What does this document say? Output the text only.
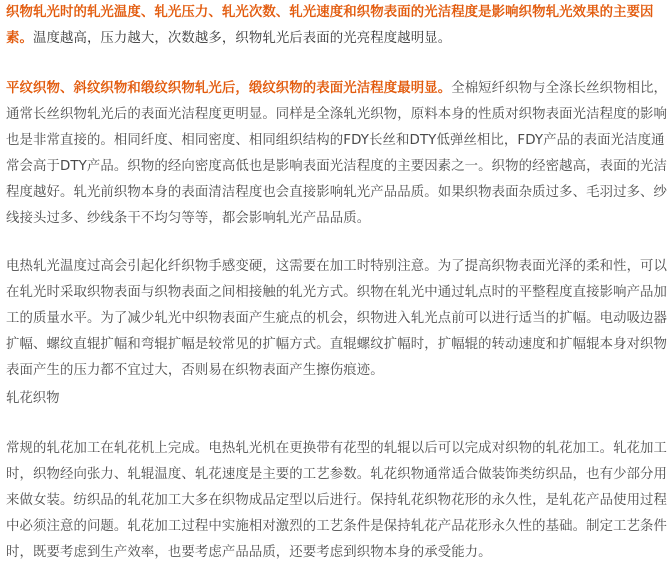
织物轧光时的轧光温度、轧光压力、轧光次数、轧光速度和织物表面的光洁程度是影响织物轧光效果的主要因素。温度越高，压力越大，次数越多，织物轧光后表面的光亮程度越明显。

平纹织物、斜纹织物和缎纹织物轧光后，缎纹织物的表面光洁程度最明显。全棉短纤织物与全涤长丝织物相比，通常长丝织物轧光后的表面光洁程度更明显。同样是全涤轧光织物，原料本身的性质对织物表面光洁程度的影响也是非常直接的。相同纤度、相同密度、相同组织结构的FDY长丝和DTY低弹丝相比，FDY产品的表面光洁度通常会高于DTY产品。织物的经向密度高低也是影响表面光洁程度的主要因素之一。织物的经密越高，表面的光洁程度越好。轧光前织物本身的表面清洁程度也会直接影响轧光产品品质。如果织物表面杂质过多、毛羽过多、纱线接头过多、纱线条干不均匀等等，都会影响轧光产品品质。

电热轧光温度过高会引起化纤织物手感变硬，这需要在加工时特别注意。为了提高织物表面光泽的柔和性，可以在轧光时采取织物表面与织物表面之间相接触的轧光方式。织物在轧光中通过轧点时的平整程度直接影响产品加工的质量水平。为了减少轧光中织物表面产生疵点的机会，织物进入轧光点前可以进行适当的扩幅。电动吸边器扩幅、螺纹直辊扩幅和弯辊扩幅是较常见的扩幅方式。直辊螺纹扩幅时，扩幅辊的转动速度和扩幅辊本身对织物表面产生的压力都不宜过大，否则易在织物表面产生擦伤痕迹。

轧花织物

常规的轧花加工在轧花机上完成。电热轧光机在更换带有花型的轧辊以后可以完成对织物的轧花加工。轧花加工时，织物经向张力、轧辊温度、轧花速度是主要的工艺参数。轧花织物通常适合做装饰类纺织品，也有少部分用来做女装。纺织品的轧花加工大多在织物成品定型以后进行。保持轧花织物花形的永久性，是轧花产品使用过程中必须注意的问题。轧花加工过程中实施相对激烈的工艺条件是保持轧花产品花形永久性的基础。制定工艺条件时，既要考虑到生产效率，也要考虑产品品质，还要考虑到织物本身的承受能力。
